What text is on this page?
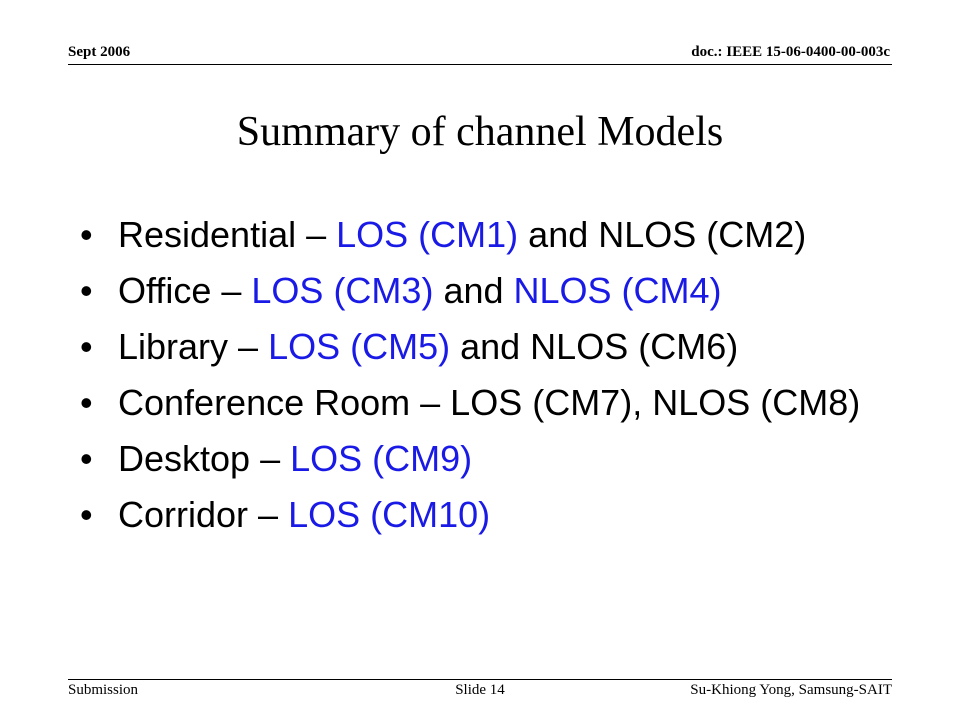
Sept 2006	doc.: IEEE 15-06-0400-00-003c
Summary of channel Models
• Residential – LOS (CM1) and NLOS (CM2)
• Office – LOS (CM3) and NLOS (CM4)
• Library – LOS (CM5) and NLOS (CM6)
• Conference Room – LOS (CM7), NLOS (CM8)
• Desktop – LOS (CM9)
• Corridor – LOS (CM10)
Submission	Slide 14	Su-Khiong Yong, Samsung-SAIT
